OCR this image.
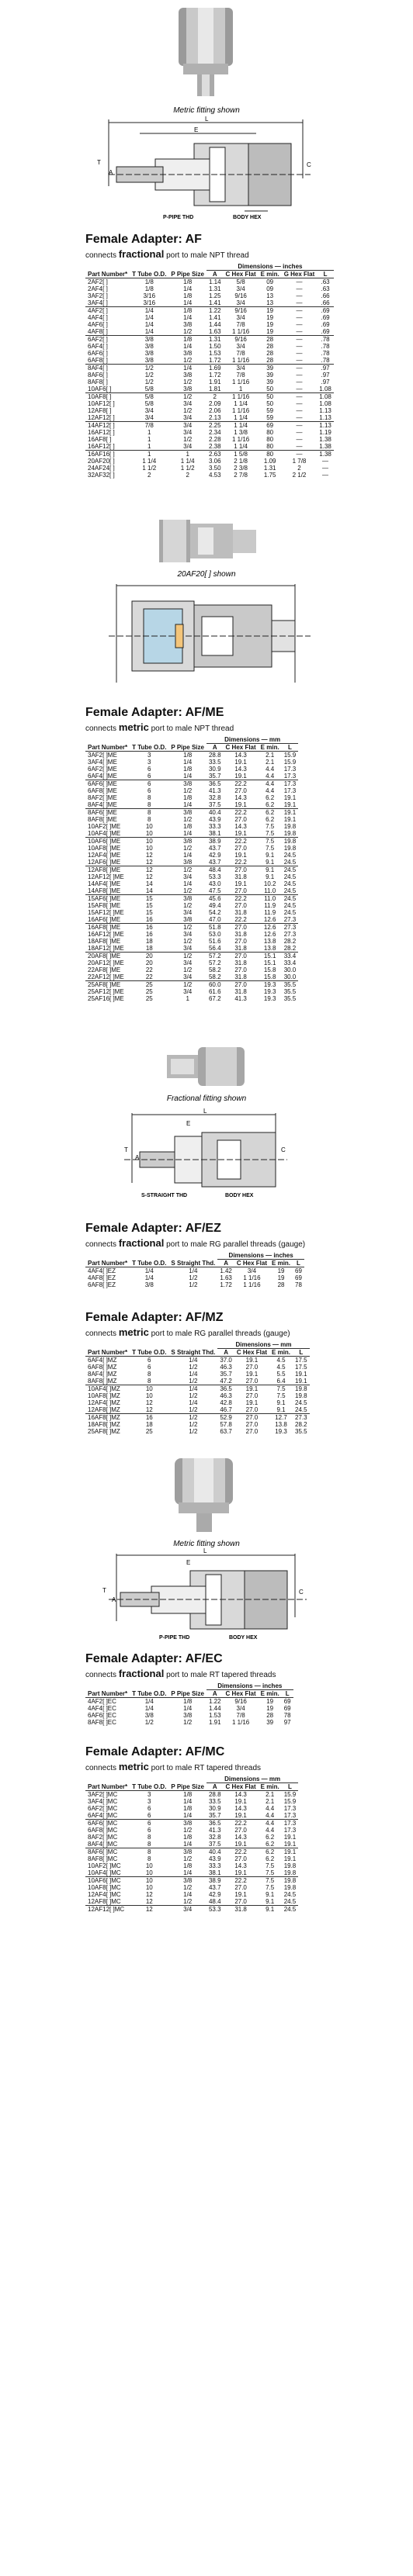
Metric fitting shown
L
E
C
A
T
P-PIPE THD	BODY HEX
Female Adapter: AF
connects fractional port to male NPT thread
			Dimensions — inches				
Part Number*	T Tube O.D.	P Pipe Size	A	C Hex Flat	E min.	G Hex Flat	L
2AF2[ ]	1/8	1/8	1.14	5/8	09	—	.63
2AF4[ ]	1/8	1/4	1.31	3/4	09	—	.63
3AF2[ ]	3/16	1/8	1.25	9/16	13	—	.66
3AF4[ ]	3/16	1/4	1.41	3/4	13	—	.66
4AF2[ ]	1/4	1/8	1.22	9/16	19	—	.69
4AF4[ ]	1/4	1/4	1.41	3/4	19	—	.69
4AF6[ ]	1/4	3/8	1.44	7/8	19	—	.69
4AF8[ ]	1/4	1/2	1.63	1 1/16	19	—	.69
6AF2[ ]	3/8	1/8	1.31	9/16	28	—	.78
6AF4[ ]	3/8	1/4	1.50	3/4	28	—	.78
6AF6[ ]	3/8	3/8	1.53	7/8	28	—	.78
6AF8[ ]	3/8	1/2	1.72	1 1/16	28	—	.78
8AF4[ ]	1/2	1/4	1.69	3/4	39	—	.97
8AF6[ ]	1/2	3/8	1.72	7/8	39	—	.97
8AF8[ ]	1/2	1/2	1.91	1 1/16	39	—	.97
10AF6[ ]	5/8	3/8	1.81	1	50	—	1.08
10AF8[ ]	5/8	1/2	2	1 1/16	50	—	1.08
10AF12[ ]	5/8	3/4	2.09	1 1/4	50	—	1.08
12AF8[ ]	3/4	1/2	2.06	1 1/16	59	—	1.13
12AF12[ ]	3/4	3/4	2.13	1 1/4	59	—	1.13
14AF12[ ]	7/8	3/4	2.25	1 1/4	69	—	1.13
16AF12[ ]	1	3/4	2.34	1 3/8	80	—	1.19
16AF8[ ]	1	1/2	2.28	1 1/16	80	—	1.38
16AF12[ ]	1	3/4	2.38	1 1/4	80	—	1.38
16AF16[ ]	1	1	2.63	1 5/8	80	—	1.38
20AF20[ ]	1 1/4	1 1/4	3.06	2 1/8	1.09	1 7/8	—
24AF24[ ]	1 1/2	1 1/2	3.50	2 3/8	1.31	2	—
32AF32[ ]	2	2	4.53	2 7/8	1.75	2 1/2	—
20AF20[ ] shown
Female Adapter: AF/ME
connects metric port to male NPT thread
			Dimensions — mm			
Part Number*	T Tube O.D.	P Pipe Size	A	C Hex Flat	E min.	L
3AF2[ ]ME	3	1/8	28.8	14.3	2.1	15.9
3AF4[ ]ME	3	1/4	33.5	19.1	2.1	15.9
6AF2[ ]ME	6	1/8	30.9	14.3	4.4	17.3
6AF4[ ]ME	6	1/4	35.7	19.1	4.4	17.3
6AF6[ ]ME	6	3/8	36.5	22.2	4.4	17.3
6AF8[ ]ME	6	1/2	41.3	27.0	4.4	17.3
8AF2[ ]ME	8	1/8	32.8	14.3	6.2	19.1
8AF4[ ]ME	8	1/4	37.5	19.1	6.2	19.1
8AF6[ ]ME	8	3/8	40.4	22.2	6.2	19.1
8AF8[ ]ME	8	1/2	43.9	27.0	6.2	19.1
10AF2[ ]ME	10	1/8	33.3	14.3	7.5	19.8
10AF4[ ]ME	10	1/4	38.1	19.1	7.5	19.8
10AF6[ ]ME	10	3/8	38.9	22.2	7.5	19.8
10AF8[ ]ME	10	1/2	43.7	27.0	7.5	19.8
12AF4[ ]ME	12	1/4	42.9	19.1	9.1	24.5
12AF6[ ]ME	12	3/8	43.7	22.2	9.1	24.5
12AF8[ ]ME	12	1/2	48.4	27.0	9.1	24.5
12AF12[ ]ME	12	3/4	53.3	31.8	9.1	24.5
14AF4[ ]ME	14	1/4	43.0	19.1	10.2	24.5
14AF8[ ]ME	14	1/2	47.5	27.0	11.0	24.5
15AF6[ ]ME	15	3/8	45.6	22.2	11.0	24.5
15AF8[ ]ME	15	1/2	49.4	27.0	11.9	24.5
15AF12[ ]ME	15	3/4	54.2	31.8	11.9	24.5
16AF6[ ]ME	16	3/8	47.0	22.2	12.6	27.3
16AF8[ ]ME	16	1/2	51.8	27.0	12.6	27.3
16AF12[ ]ME	16	3/4	53.0	31.8	12.6	27.3
18AF8[ ]ME	18	1/2	51.6	27.0	13.8	28.2
18AF12[ ]ME	18	3/4	56.4	31.8	13.8	28.2
20AF8[ ]ME	20	1/2	57.2	27.0	15.1	33.4
20AF12[ ]ME	20	3/4	57.2	31.8	15.1	33.4
22AF8[ ]ME	22	1/2	58.2	27.0	15.8	30.0
22AF12[ ]ME	22	3/4	58.2	31.8	15.8	30.0
25AF8[ ]ME	25	1/2	60.0	27.0	19.3	35.5
25AF12[ ]ME	25	3/4	61.6	31.8	19.3	35.5
25AF16[ ]ME	25	1	67.2	41.3	19.3	35.5
Fractional fitting shown
L
E
C
A
T
S-STRAIGHT THD	BODY HEX
Female Adapter: AF/EZ
connects fractional port to male RG parallel threads (gauge)
			Dimensions — inches			
Part Number*	T Tube O.D.	S Straight Thd.	A	C Hex Flat	E min.	L
4AF4[ ]EZ	1/4	1/4	1.42	3/4	19	69
4AF8[ ]EZ	1/4	1/2	1.63	1 1/16	19	69
6AF8[ ]EZ	3/8	1/2	1.72	1 1/16	28	78
Female Adapter: AF/MZ
connects metric port to male RG parallel threads (gauge)
			Dimensions — mm			
Part Number*	T Tube O.D.	S Straight Thd.	A	C Hex Flat	E min.	L
6AF4[ ]MZ	6	1/4	37.0	19.1	4.5	17.5
6AF8[ ]MZ	6	1/2	46.3	27.0	4.5	17.5
8AF4[ ]MZ	8	1/4	35.7	19.1	5.5	19.1
8AF8[ ]MZ	8	1/2	47.2	27.0	6.4	19.1
10AF4[ ]MZ	10	1/4	36.5	19.1	7.5	19.8
10AF8[ ]MZ	10	1/2	46.3	27.0	7.5	19.8
12AF4[ ]MZ	12	1/4	42.8	19.1	9.1	24.5
12AF8[ ]MZ	12	1/2	46.7	27.0	9.1	24.5
16AF8[ ]MZ	16	1/2	52.9	27.0	12.7	27.3
18AF8[ ]MZ	18	1/2	57.8	27.0	13.8	28.2
25AF8[ ]MZ	25	1/2	63.7	27.0	19.3	35.5
Metric fitting shown
L
E
C
A
T
P-PIPE THD	BODY HEX
Female Adapter: AF/EC
connects fractional port to male RT tapered threads
			Dimensions — inches			
Part Number*	T Tube O.D.	P Pipe Size	A	C Hex Flat	E min.	L
4AF2[ ]EC	1/4	1/8	1.22	9/16	19	69
4AF4[ ]EC	1/4	1/4	1.44	3/4	19	69
6AF6[ ]EC	3/8	3/8	1.53	7/8	28	78
8AF8[ ]EC	1/2	1/2	1.91	1 1/16	39	97
Female Adapter: AF/MC
connects metric port to male RT tapered threads
			Dimensions — mm			
Part Number*	T Tube O.D.	P Pipe Size	A	C Hex Flat	E min.	L
3AF2[ ]MC	3	1/8	28.8	14.3	2.1	15.9
3AF4[ ]MC	3	1/4	33.5	19.1	2.1	15.9
6AF2[ ]MC	6	1/8	30.9	14.3	4.4	17.3
6AF4[ ]MC	6	1/4	35.7	19.1	4.4	17.3
6AF6[ ]MC	6	3/8	36.5	22.2	4.4	17.3
6AF8[ ]MC	6	1/2	41.3	27.0	4.4	17.3
8AF2[ ]MC	8	1/8	32.8	14.3	6.2	19.1
8AF4[ ]MC	8	1/4	37.5	19.1	6.2	19.1
8AF6[ ]MC	8	3/8	40.4	22.2	6.2	19.1
8AF8[ ]MC	8	1/2	43.9	27.0	6.2	19.1
10AF2[ ]MC	10	1/8	33.3	14.3	7.5	19.8
10AF4[ ]MC	10	1/4	38.1	19.1	7.5	19.8
10AF6[ ]MC	10	3/8	38.9	22.2	7.5	19.8
10AF8[ ]MC	10	1/2	43.7	27.0	7.5	19.8
12AF4[ ]MC	12	1/4	42.9	19.1	9.1	24.5
12AF8[ ]MC	12	1/2	48.4	27.0	9.1	24.5
12AF12[ ]MC	12	3/4	53.3	31.8	9.1	24.5
